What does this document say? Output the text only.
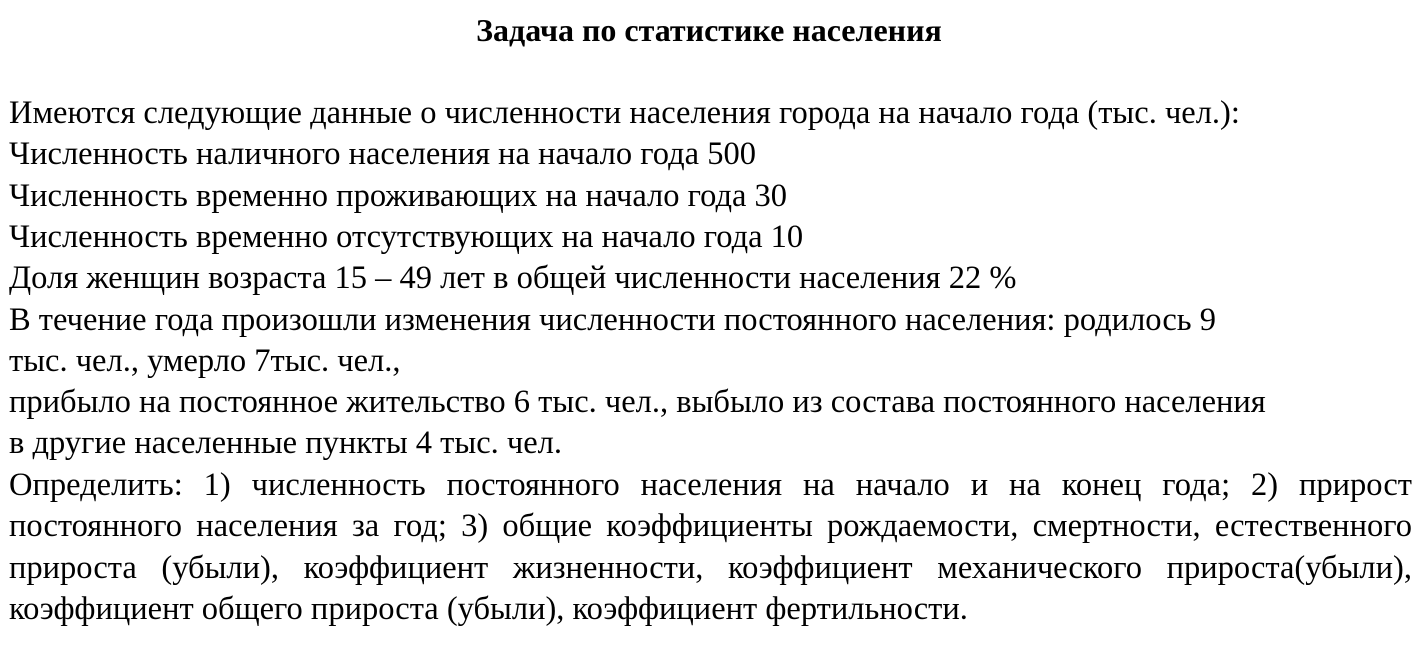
Задача по статистике населения
Имеются следующие данные о численности населения города на начало года (тыс. чел.):
Численность наличного населения на начало года 500
Численность временно проживающих на начало года 30
Численность временно отсутствующих на начало года 10
Доля женщин возраста 15 – 49 лет в общей численности населения 22 %
В течение года произошли изменения численности постоянного населения: родилось 9
тыс. чел., умерло 7тыс. чел.,
прибыло на постоянное жительство 6 тыс. чел., выбыло из состава постоянного населения
в другие населенные пункты 4 тыс. чел.
Определить: 1) численность постоянного населения на начало и на конец года; 2) прирост постоянного населения за год; 3) общие коэффициенты рождаемости, смертности, естественного прироста (убыли), коэффициент жизненности, коэффициент механического прироста(убыли), коэффициент общего прироста (убыли), коэффициент фертильности.
